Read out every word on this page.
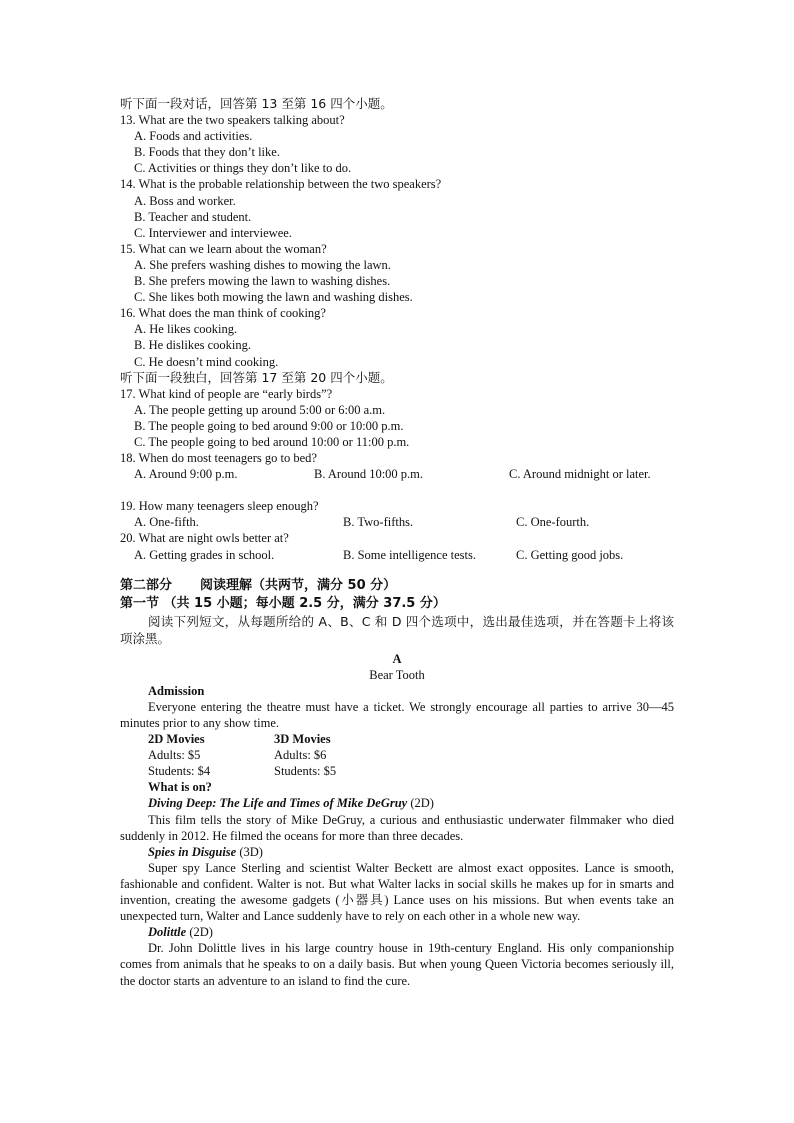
听下面一段对话，回答第 13 至第 16 四个小题。
13. What are the two speakers talking about?
A. Foods and activities.
B. Foods that they don’t like.
C. Activities or things they don’t like to do.
14. What is the probable relationship between the two speakers?
A. Boss and worker.
B. Teacher and student.
C. Interviewer and interviewee.
15. What can we learn about the woman?
A. She prefers washing dishes to mowing the lawn.
B. She prefers mowing the lawn to washing dishes.
C. She likes both mowing the lawn and washing dishes.
16. What does the man think of cooking?
A. He likes cooking.
B. He dislikes cooking.
C. He doesn’t mind cooking.
听下面一段独白，回答第 17 至第 20 四个小题。
17. What kind of people are “early birds”?
A. The people getting up around 5:00 or 6:00 a.m.
B. The people going to bed around 9:00 or 10:00 p.m.
C. The people going to bed around 10:00 or 11:00 p.m.
18. When do most teenagers go to bed?
A. Around 9:00 p.m.	B. Around 10:00 p.m.	C. Around midnight or later.
19. How many teenagers sleep enough?
A. One-fifth.	B. Two-fifths.	C. One-fourth.
20. What are night owls better at?
A. Getting grades in school.	B. Some intelligence tests.	C. Getting good jobs.
第二部分 阅读理解（共两节，满分 50 分）
第一节 （共 15 小题；每小题 2.5 分，满分 37.5 分）
阅读下列短文，从每题所给的 A、B、C 和 D 四个选项中，选出最佳选项，并在答题卡上将该项涂黑。
A
Bear Tooth
Admission
Everyone entering the theatre must have a ticket. We strongly encourage all parties to arrive 30—45 minutes prior to any show time.
2D Movies	3D Movies
Adults: $5	Adults: $6
Students: $4	Students: $5
What is on?
Diving Deep: The Life and Times of Mike DeGruy (2D)
This film tells the story of Mike DeGruy, a curious and enthusiastic underwater filmmaker who died suddenly in 2012. He filmed the oceans for more than three decades.
Spies in Disguise (3D)
Super spy Lance Sterling and scientist Walter Beckett are almost exact opposites. Lance is smooth, fashionable and confident. Walter is not. But what Walter lacks in social skills he makes up for in smarts and invention, creating the awesome gadgets (小器具) Lance uses on his missions. But when events take an unexpected turn, Walter and Lance suddenly have to rely on each other in a whole new way.
Dolittle (2D)
Dr. John Dolittle lives in his large country house in 19th-century England. His only companionship comes from animals that he speaks to on a daily basis. But when young Queen Victoria becomes seriously ill, the doctor starts an adventure to an island to find the cure.
